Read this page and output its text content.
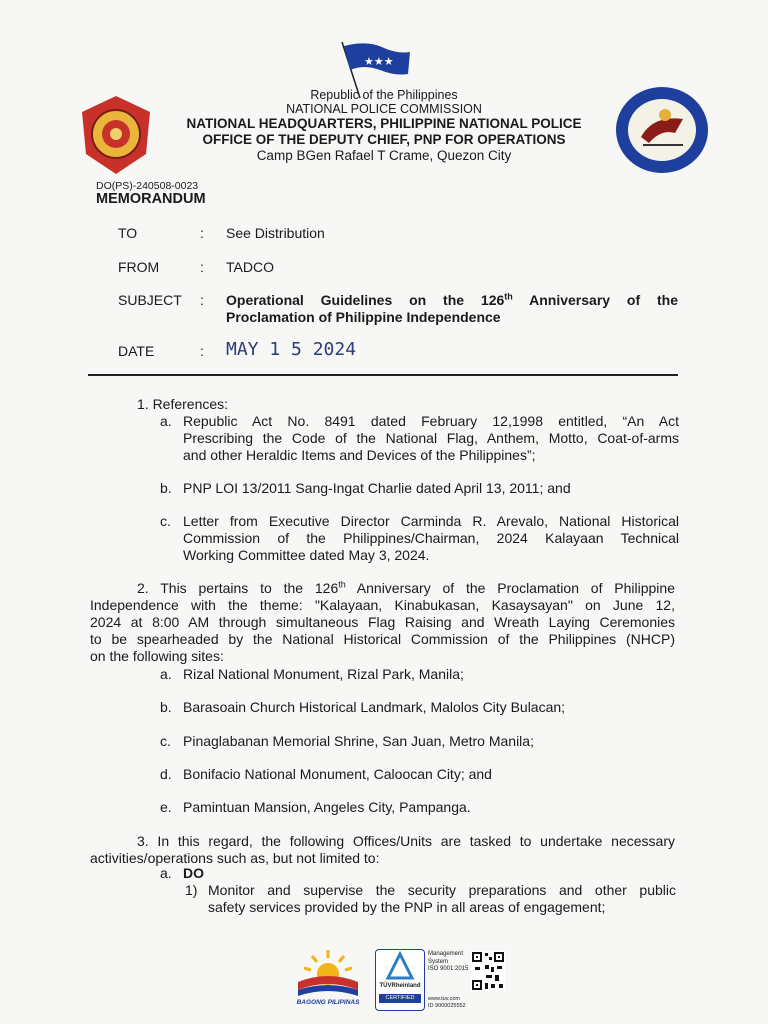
★★★
Republic of the Philippines
NATIONAL POLICE COMMISSION
NATIONAL HEADQUARTERS, PHILIPPINE NATIONAL POLICE
OFFICE OF THE DEPUTY CHIEF, PNP FOR OPERATIONS
Camp BGen Rafael T Crame, Quezon City
DO(PS)-240508-0023
MEMORANDUM
TO	: See Distribution
FROM	: TADCO
SUBJECT	: Operational Guidelines on the 126th Anniversary of the
Proclamation of Philippine Independence
DATE	: MAY 1 5 2024
1. References:
a. Republic Act No. 8491 dated February 12,1998 entitled, “An Act
Prescribing the Code of the National Flag, Anthem, Motto, Coat-of-arms
and other Heraldic Items and Devices of the Philippines”;
b. PNP LOI 13/2011 Sang-Ingat Charlie dated April 13, 2011; and
c. Letter from Executive Director Carminda R. Arevalo, National Historical
Commission of the Philippines/Chairman, 2024 Kalayaan Technical
Working Committee dated May 3, 2024.
2. This pertains to the 126th Anniversary of the Proclamation of Philippine
Independence with the theme: "Kalayaan, Kinabukasan, Kasaysayan" on June 12,
2024 at 8:00 AM through simultaneous Flag Raising and Wreath Laying Ceremonies
to be spearheaded by the National Historical Commission of the Philippines (NHCP)
on the following sites:
a. Rizal National Monument, Rizal Park, Manila;
b. Barasoain Church Historical Landmark, Malolos City Bulacan;
c. Pinaglabanan Memorial Shrine, San Juan, Metro Manila;
d. Bonifacio National Monument, Caloocan City; and
e. Pamintuan Mansion, Angeles City, Pampanga.
3. In this regard, the following Offices/Units are tasked to undertake necessary
activities/operations such as, but not limited to:
a. DO
1) Monitor and supervise the security preparations and other public
safety services provided by the PNP in all areas of engagement;
BAGONG PILIPINAS
TÜVRheinland
CERTIFIED
Management
System
ISO 9001:2015
www.tuv.com
ID 9000025552
